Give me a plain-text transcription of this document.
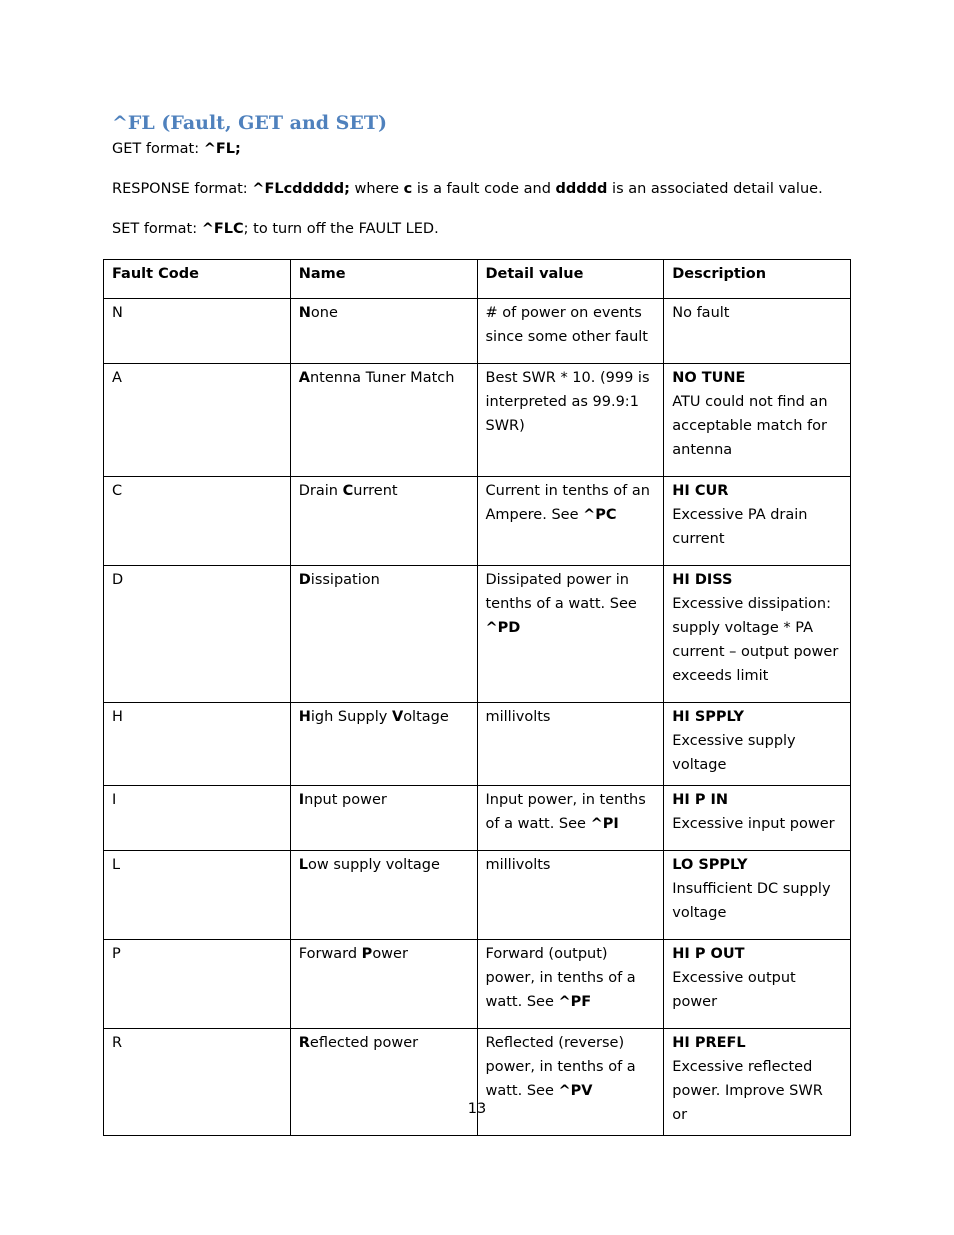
^FL (Fault, GET and SET)

GET format: ^FL;

RESPONSE format: ^FLcddddd; where c is a fault code and ddddd is an associated detail value.

SET format: ^FLC; to turn off the FAULT LED.

Fault Code	Name	Detail value	Description
N	None	# of power on events since some other fault	No fault

A	Antenna Tuner Match	Best SWR * 10. (999 is interpreted as 99.9:1 SWR)	NO TUNE
ATU could not find an acceptable match for antenna

C	Drain Current	Current in tenths of an Ampere. See ^PC	HI CUR
Excessive PA drain current

D	Dissipation	Dissipated power in tenths of a watt. See ^PD	HI DISS
Excessive dissipation: supply voltage * PA current – output power exceeds limit

H	High Supply Voltage	millivolts	HI SPPLY
Excessive supply voltage

I	Input power	Input power, in tenths of a watt. See ^PI	HI P IN
Excessive input power

L	Low supply voltage	millivolts	LO SPPLY
Insufficient DC supply voltage

P	Forward Power	Forward (output) power, in tenths of a watt. See ^PF	HI P OUT
Excessive output power

R	Reflected power	Reflected (reverse) power, in tenths of a watt. See ^PV	HI PREFL
Excessive reflected power. Improve SWR or
13
